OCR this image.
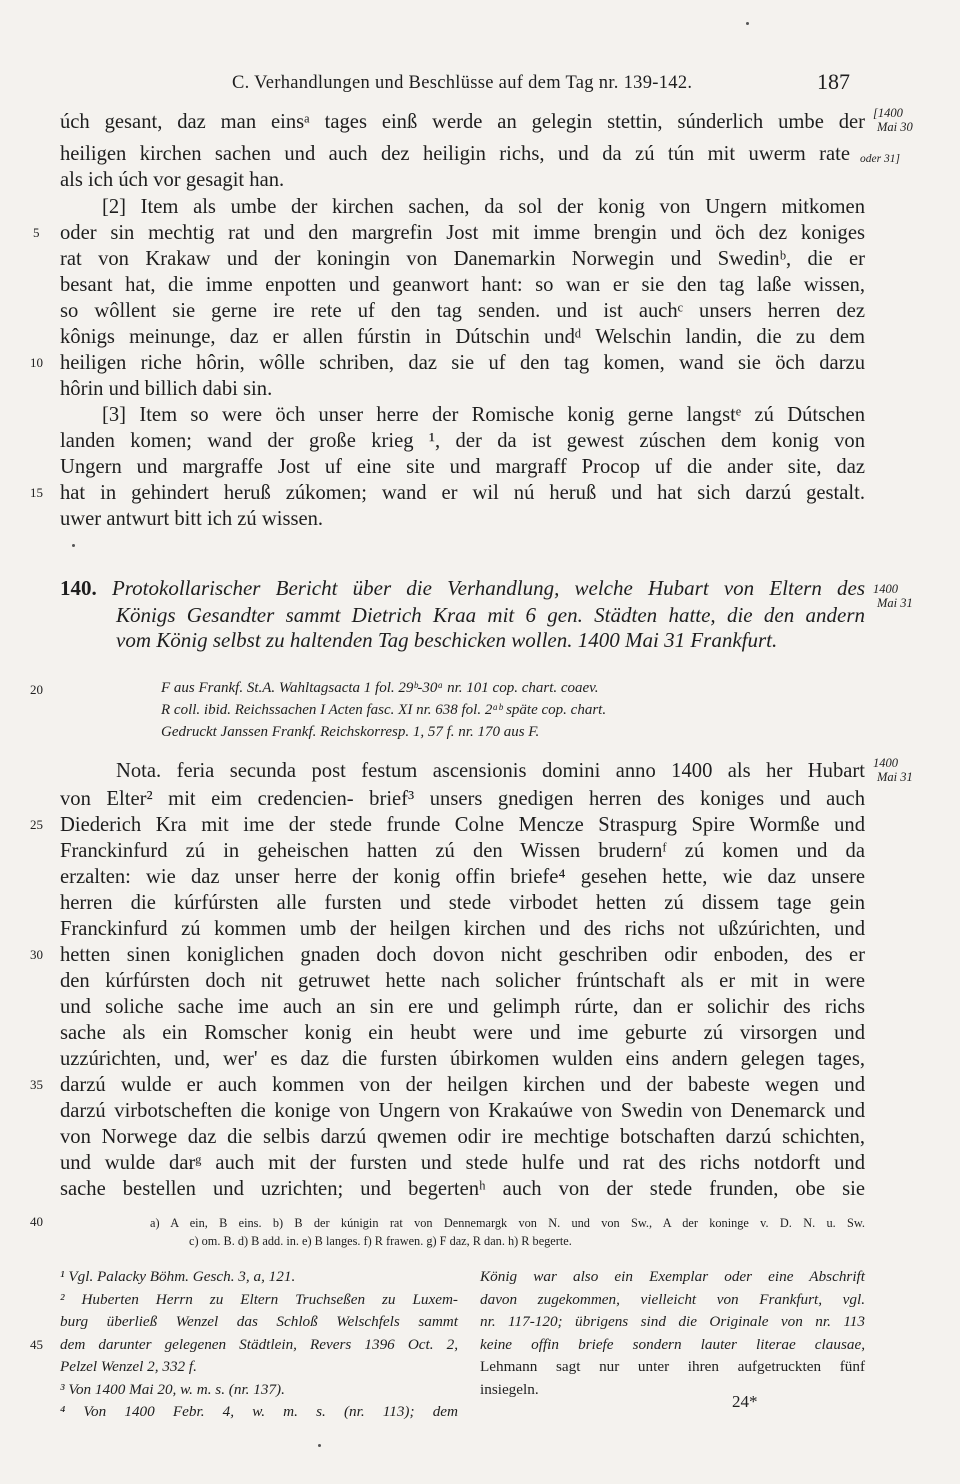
C. Verhandlungen und Beschlüsse auf dem Tag nr. 139-142.	187
úch gesant, daz man einsᵃ tages einß werde an gelegin stettin, súnderlich umbe der
heiligen kirchen sachen und auch dez heiligin richs, und da zú tún mit uwerm rate
als ich úch vor gesagit han.
[2] Item als umbe der kirchen sachen, da sol der konig von Ungern mitkomen
oder sin mechtig rat und den margrefin Jost mit imme brengin und öch dez koniges
rat von Krakaw und der koningin von Danemarkin Norwegin und Swedinᵇ, die er
besant hat, die imme enpotten und geanwort hant: so wan er sie den tag laße wissen,
so wôllent sie gerne ire rete uf den tag senden. und ist auchᶜ unsers herren dez
kônigs meinunge, daz er allen fúrstin in Dútschin undᵈ Welschin landin, die zu dem
heiligen riche hôrin, wôlle schriben, daz sie uf den tag komen, wand sie öch darzu
hôrin und billich dabi sin.
[3] Item so were öch unser herre der Romische konig gerne langstᵉ zú Dútschen
landen komen; wand der große krieg ¹, der da ist gewest zúschen dem konig von
Ungern und margraffe Jost uf eine site und margraff Procop uf die ander site, daz
hat in gehindert heruß zúkomen; wand er wil nú heruß und hat sich darzú gestalt.
uwer antwurt bitt ich zú wissen.
[1400
Mai 30
oder 31]
5
10
15
20
25
30
35
40
45
140. Protokollarischer Bericht über die Verhandlung, welche Hubart von Eltern des
Königs Gesandter sammt Dietrich Kraa mit 6 gen. Städten hatte, die den andern
vom König selbst zu haltenden Tag beschicken wollen. 1400 Mai 31 Frankfurt.
1400
Mai 31
F aus Frankf. St.A. Wahltagsacta 1 fol. 29ᵇ-30ᵃ nr. 101 cop. chart. coaev.
R coll. ibid. Reichssachen I Acten fasc. XI nr. 638 fol. 2ᵃᵇ späte cop. chart.
Gedruckt Janssen Frankf. Reichskorresp. 1, 57 f. nr. 170 aus F.
Nota. feria secunda post festum ascensionis domini anno 1400 als her Hubart
von Elter² mit eim credencien- brief³ unsers gnedigen herren des koniges und auch
Diederich Kra mit ime der stede frunde Colne Mencze Straspurg Spire Wormße und
Franckinfurd zú in geheischen hatten zú den Wissen brudernᶠ zú komen und da
erzalten: wie daz unser herre der konig offin briefe⁴ gesehen hette, wie daz unsere
herren die kúrfúrsten alle fursten und stede virbodet hetten zú dissem tage gein
Franckinfurd zú kommen umb der heilgen kirchen und des richs not ußzúrichten, und
hetten sinen koniglichen gnaden doch dovon nicht geschriben odir enboden, des er
den kúrfúrsten doch nit getruwet hette nach solicher frúntschaft als er mit in were
und soliche sache ime auch an sin ere und gelimph rúrte, dan er solichir des richs
sache als ein Romscher konig ein heubt were und ime geburte zú virsorgen und
uzzúrichten, und, wer' es daz die fursten úbirkomen wulden eins andern gelegen tages,
darzú wulde er auch kommen von der heilgen kirchen und der babeste wegen und
darzú virbotscheften die konige von Ungern von Krakaúwe von Swedin von Denemarck und
von Norwege daz die selbis darzú qwemen odir ire mechtige botschaften darzú schichten,
und wulde darᵍ auch mit der fursten und stede hulfe und rat des richs notdorft und
sache bestellen und uzrichten; und begertenʰ auch von der stede frunden, obe sie
1400
Mai 31
a) A ein, B eins. b) B der kúnigin rat von Dennemargk von N. und von Sw., A der koninge v. D. N. u. Sw.
c) om. B. d) B add. in. e) B langes. f) R frawen. g) F daz, R dan. h) R begerte.
¹ Vgl. Palacky Böhm. Gesch. 3, a, 121.
² Huberten Herrn zu Eltern Truchseßen zu Luxem-
burg überließ Wenzel das Schloß Welschfels sammt
dem darunter gelegenen Städtlein, Revers 1396 Oct. 2,
Pelzel Wenzel 2, 332 f.
³ Von 1400 Mai 20, w. m. s. (nr. 137).
⁴ Von 1400 Febr. 4, w. m. s. (nr. 113); dem
König war also ein Exemplar oder eine Abschrift
davon zugekommen, vielleicht von Frankfurt, vgl.
nr. 117-120; übrigens sind die Originale von nr. 113
keine offin briefe sondern lauter literae clausae,
Lehmann sagt nur unter ihren aufgetruckten fünf
insiegeln.
24*
